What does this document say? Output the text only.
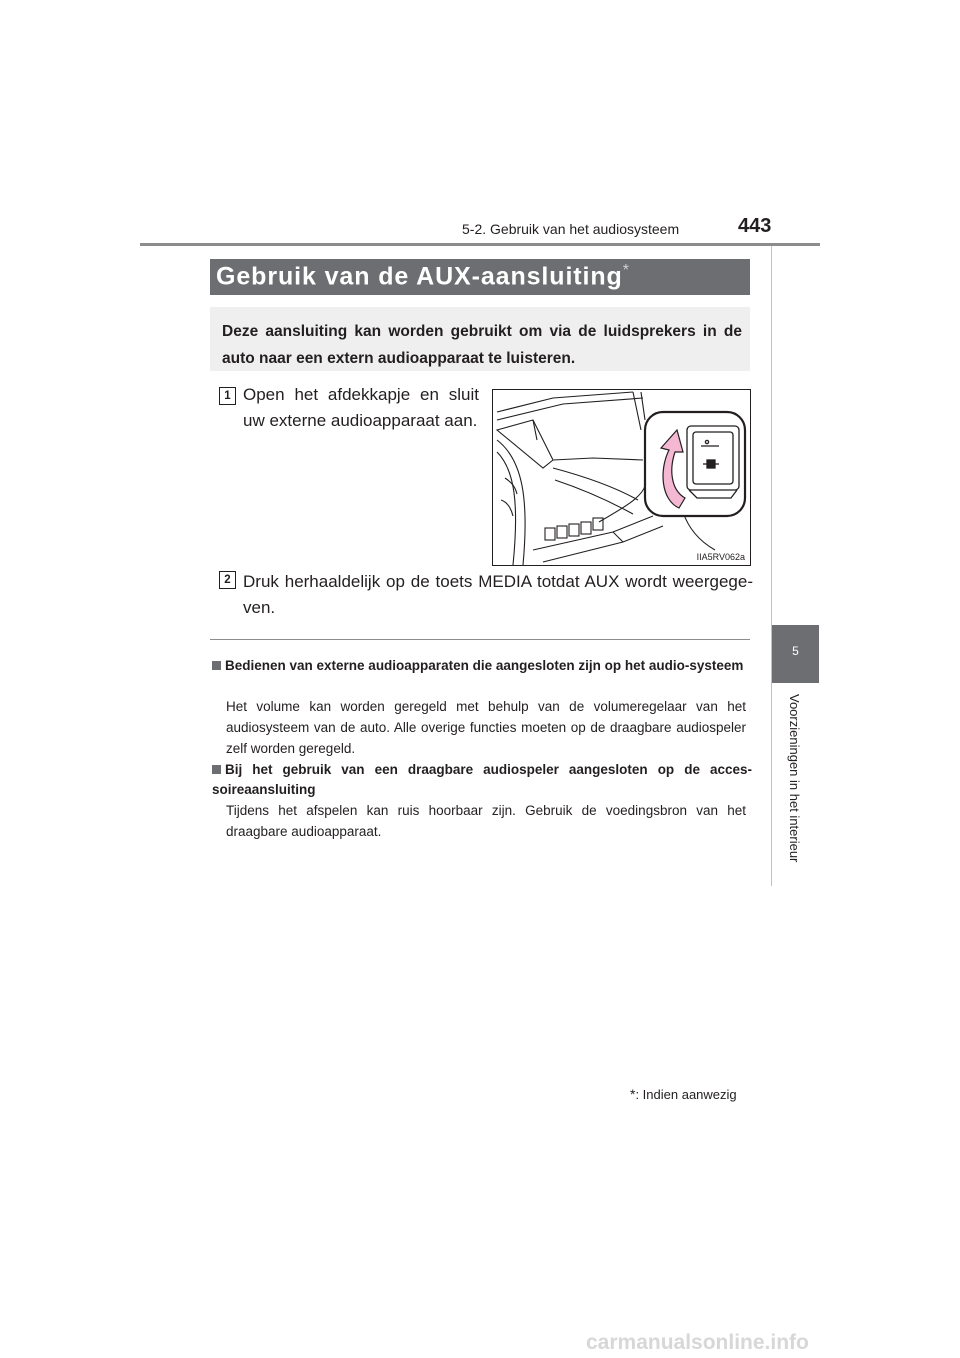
5-2. Gebruik van het audiosysteem	443
5
Voorzieningen in het interieur
Gebruik van de AUX-aansluiting*
Deze aansluiting kan worden gebruikt om via de luidsprekers in de auto naar een extern audioapparaat te luisteren.
1 Open het afdekkapje en sluit uw externe audioapparaat aan.
IIA5RV062a
2 Druk herhaaldelijk op de toets MEDIA totdat AUX wordt weergege-ven.
Bedienen van externe audioapparaten die aangesloten zijn op het audio-systeem
Het volume kan worden geregeld met behulp van de volumeregelaar van het audiosysteem van de auto. Alle overige functies moeten op de draagbare audiospeler zelf worden geregeld.
Bij het gebruik van een draagbare audiospeler aangesloten op de acces-soireaansluiting
Tijdens het afspelen kan ruis hoorbaar zijn. Gebruik de voedingsbron van het draagbare audioapparaat.
*: Indien aanwezig
carmanualsonline.info
